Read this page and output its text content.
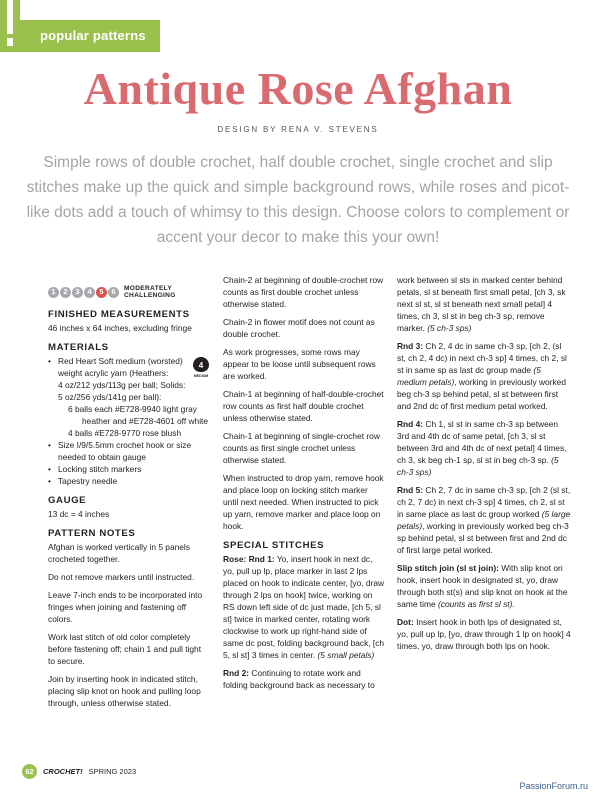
popular patterns
Antique Rose Afghan
DESIGN BY RENA V. STEVENS
Simple rows of double crochet, half double crochet, single crochet and slip stitches make up the quick and simple background rows, while roses and picot-like dots add a touch of whimsy to this design. Choose colors to complement or accent your decor to make this your own!
1	2	3	4	5	6	MODERATELY
CHALLENGING
FINISHED MEASUREMENTS
46 inches x 64 inches, excluding fringe
MATERIALS
4
MEDIUM
• Red Heart Soft medium (worsted)
weight acrylic yarn (Heathers:
4 oz/212 yds/113g per ball; Solids:
5 oz/256 yds/141g per ball):
6 balls each #E728-9940 light gray
heather and #E728-4601 off white
4 balls #E728-9770 rose blush
• Size I/9/5.5mm crochet hook or size
needed to obtain gauge
• Locking stitch markers
• Tapestry needle
GAUGE
13 dc = 4 inches
PATTERN NOTES

Afghan is worked vertically in 5 panels crocheted together.

Do not remove markers until instructed.

Leave 7-inch ends to be incorporated into fringes when joining and fastening off colors.

Work last stitch of old color completely before fastening off; chain 1 and pull tight to secure.

Join by inserting hook in indicated stitch, placing slip knot on hook and pulling loop through, unless otherwise stated.

Chain-2 at beginning of double-crochet row counts as first double crochet unless otherwise stated.

Chain-2 in flower motif does not count as double crochet.

As work progresses, some rows may appear to be loose until subsequent rows are worked.

Chain-1 at beginning of half-double-crochet row counts as first half double crochet unless otherwise stated.

Chain-1 at beginning of single-crochet row counts as first single crochet unless otherwise stated.

When instructed to drop yarn, remove hook and place loop on locking stitch marker until next needed. When instructed to pick up yarn, remove marker and place loop on hook.

SPECIAL STITCHES

Rose: Rnd 1: Yo, insert hook in next dc, yo, pull up lp, place marker in last 2 lps placed on hook to indicate center, [yo, draw through 2 lps on hook] twice, working on RS down left side of dc just made, [ch 5, sl st] twice in marked center, rotating work clockwise to work up right-hand side of same dc post, folding background back, [ch 5, sl st] 3 times in center. (5 small petals)

Rnd 2: Continuing to rotate work and folding background back as necessary to

work between sl sts in marked center behind petals, sl st beneath first small petal, [ch 3, sk next sl st, sl st beneath next small petal] 4 times, ch 3, sl st in beg ch-3 sp, remove marker. (5 ch-3 sps)

Rnd 3: Ch 2, 4 dc in same ch-3 sp, [ch 2, (sl st, ch 2, 4 dc) in next ch-3 sp] 4 times, ch 2, sl st in same sp as last dc group made (5 medium petals), working in previously worked beg ch-3 sp behind petal, sl st between first and 2nd dc of first medium petal worked.

Rnd 4: Ch 1, sl st in same ch-3 sp between 3rd and 4th dc of same petal, [ch 3, sl st between 3rd and 4th dc of next petal] 4 times, ch 3, sk beg ch-1 sp, sl st in beg ch-3 sp. (5 ch-3 sps)

Rnd 5: Ch 2, 7 dc in same ch-3 sp, [ch 2 (sl st, ch 2, 7 dc) in next ch-3 sp] 4 times, ch 2, sl st in same place as last dc group worked (5 large petals), working in previously worked beg ch-3 sp behind petal, sl st between first and 2nd dc of first large petal worked.

Slip stitch join (sl st join): With slip knot on hook, insert hook in designated st, yo, draw through both st(s) and slip knot on hook at the same time (counts as first sl st).

Dot: Insert hook in both lps of designated st, yo, pull up lp, [yo, draw through 1 lp on hook] 4 times, yo, draw through both lps on hook.

62	CROCHET! SPRING 2023
PassionForum.ru
